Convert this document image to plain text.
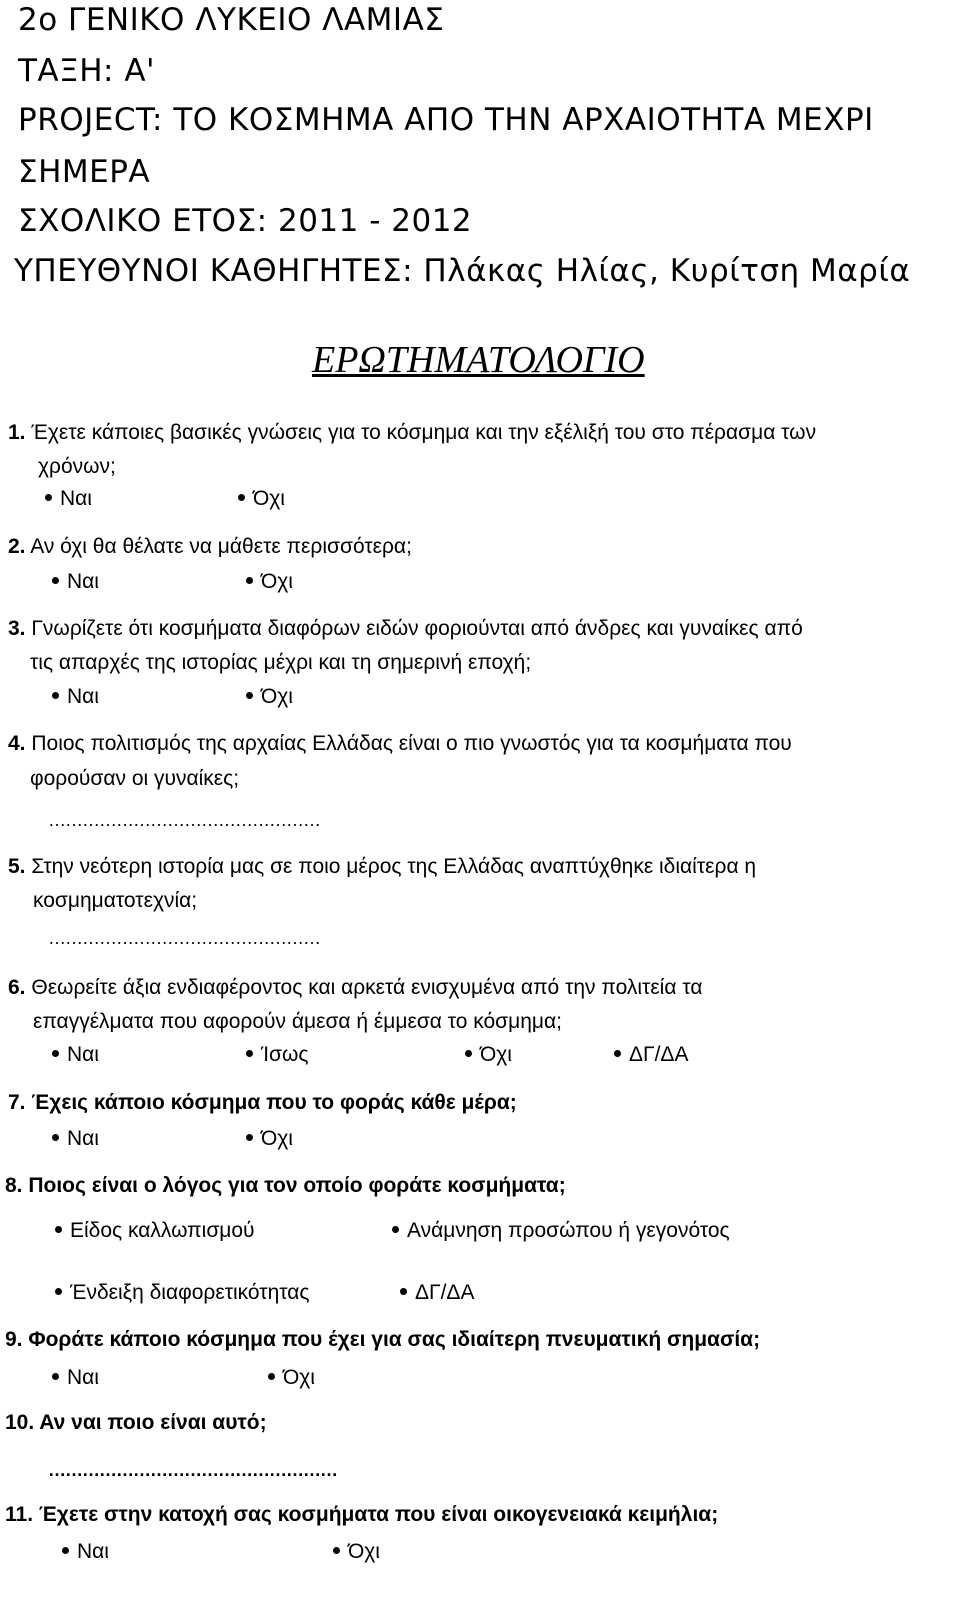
2ο ΓΕΝΙΚΟ ΛΥΚΕΙΟ ΛΑΜΙΑΣ
ΤΑΞΗ: Α'
PROJECT: ΤΟ ΚΟΣΜΗΜΑ ΑΠΟ ΤΗΝ ΑΡΧΑΙΟΤΗΤΑ ΜΕΧΡΙ
ΣΗΜΕΡΑ
ΣΧΟΛΙΚΟ ΕΤΟΣ: 2011 - 2012
ΥΠΕΥΘΥΝΟΙ ΚΑΘΗΓΗΤΕΣ: Πλάκας Ηλίας, Κυρίτση Μαρία
ΕΡΩΤΗΜΑΤΟΛΟΓΙΟ
1. Έχετε κάποιες βασικές γνώσεις για το κόσμημα και την εξέλιξή του στο πέρασμα των
χρόνων;
Ναι	Όχι
2. Αν όχι θα θέλατε να μάθετε περισσότερα;
Ναι	Όχι
3. Γνωρίζετε ότι κοσμήματα διαφόρων ειδών φοριούνται από άνδρες και γυναίκες από
τις απαρχές της ιστορίας μέχρι και τη σημερινή εποχή;
Ναι	Όχι
4. Ποιος πολιτισμός της αρχαίας Ελλάδας είναι ο πιο γνωστός για τα κοσμήματα που
φορούσαν οι γυναίκες;
…………………………………………
5. Στην νεότερη ιστορία μας σε ποιο μέρος της Ελλάδας αναπτύχθηκε ιδιαίτερα η
κοσμηματοτεχνία;
…………………………………………
6. Θεωρείτε άξια ενδιαφέροντος και αρκετά ενισχυμένα από την πολιτεία τα
επαγγέλματα που αφορούν άμεσα ή έμμεσα το κόσμημα;
Ναι	Ίσως	Όχι	ΔΓ/ΔΑ
7. Έχεις κάποιο κόσμημα που το φοράς κάθε μέρα;
Ναι	Όχι
8. Ποιος είναι ο λόγος για τον οποίο φοράτε κοσμήματα;
Είδος καλλωπισμού	Ανάμνηση προσώπου ή γεγονότος
Ένδειξη διαφορετικότητας	ΔΓ/ΔΑ
9. Φοράτε κάποιο κόσμημα που έχει για σας ιδιαίτερη πνευματική σημασία;
Ναι	Όχι
10. Αν ναι ποιο είναι αυτό;
……………………………………………
11. Έχετε στην κατοχή σας κοσμήματα που είναι οικογενειακά κειμήλια;
Ναι	Όχι
